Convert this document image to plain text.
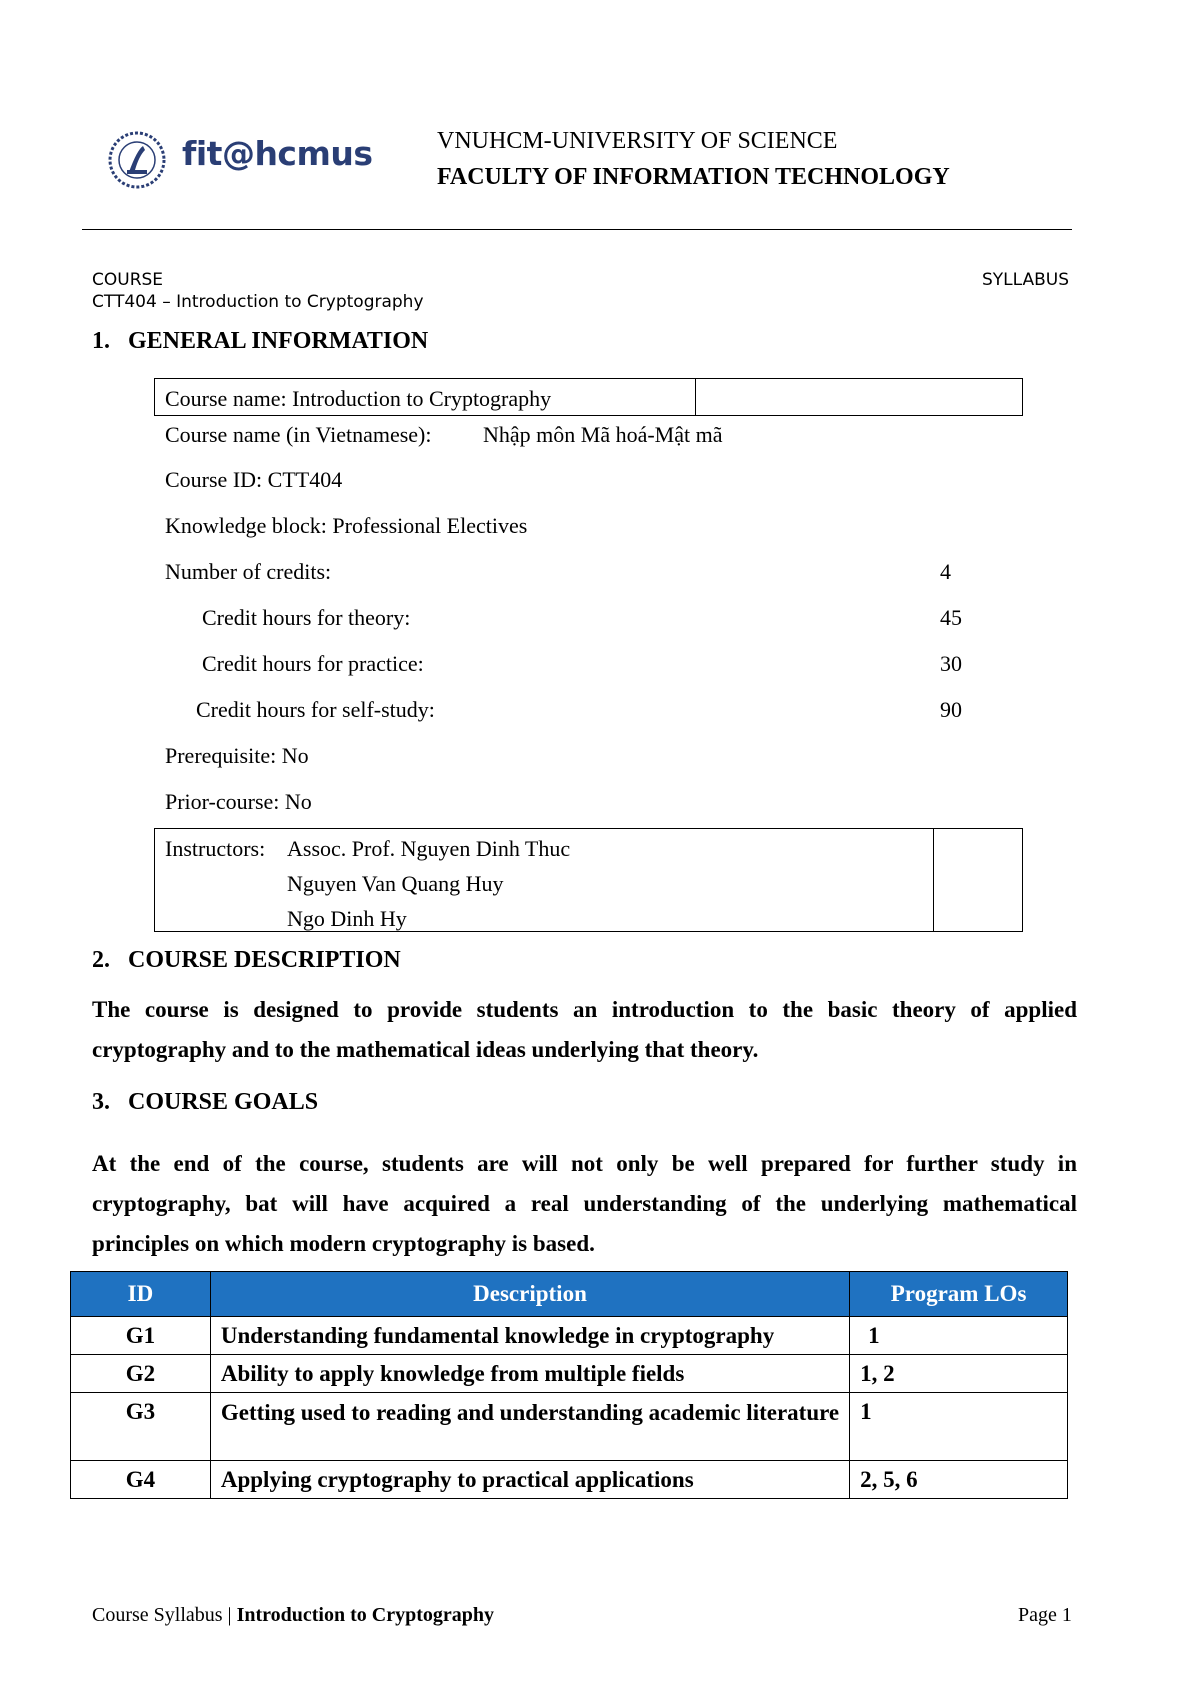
fit@hcmus	VNUHCM-UNIVERSITY OF SCIENCE
FACULTY OF INFORMATION TECHNOLOGY
COURSE	SYLLABUS
CTT404 – Introduction to Cryptography
1. GENERAL INFORMATION
Course name: Introduction to Cryptography
Course name (in Vietnamese): Nhập môn Mã hoá-Mật mã
Course ID: CTT404
Knowledge block: Professional Electives
Number of credits:	4
Credit hours for theory:	45
Credit hours for practice:	30
Credit hours for self-study:	90
Prerequisite: No
Prior-course: No
Instructors: Assoc. Prof. Nguyen Dinh Thuc
Nguyen Van Quang Huy
Ngo Dinh Hy
2. COURSE DESCRIPTION
The course is designed to provide students an introduction to the basic theory of applied cryptography and to the mathematical ideas underlying that theory.
3. COURSE GOALS
At the end of the course, students are will not only be well prepared for further study in cryptography, bat will have acquired a real understanding of the underlying mathematical principles on which modern cryptography is based.
ID	Description	Program LOs
G1	Understanding fundamental knowledge in cryptography	1
G2	Ability to apply knowledge from multiple fields	1, 2
G3	Getting used to reading and understanding academic literature	1
G4	Applying cryptography to practical applications	2, 5, 6
Course Syllabus | Introduction to Cryptography	Page 1
